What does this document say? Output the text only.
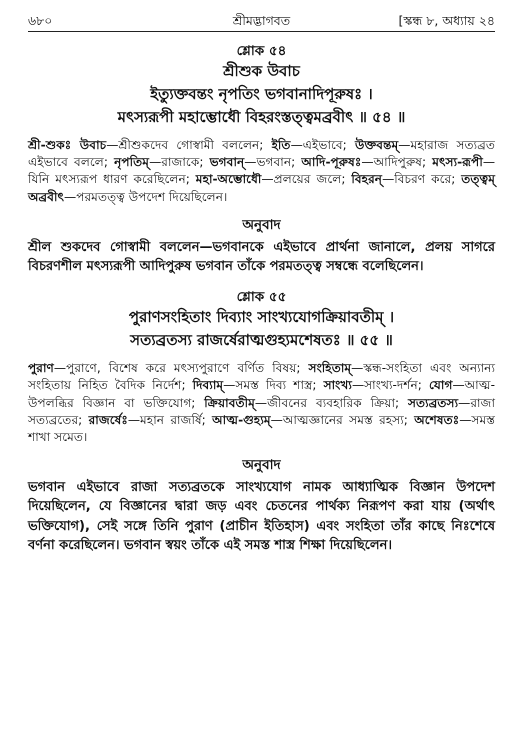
৬৮০	শ্রীমদ্ভাগবত	[স্কন্ধ ৮, অধ্যায় ২৪
শ্লোক ৫৪
শ্রীশুক উবাচ
ইত্যুক্তবন্তং নৃপতিং ভগবানাদিপূরুষঃ ।
মৎস্যরূপী মহাম্ভোধৌ বিহরংস্তত্ত্বমব্রবীৎ ॥ ৫৪ ॥
শ্রী-শুকঃ উবাচ—শ্রীশুকদেব গোস্বামী বললেন; ইতি—এইভাবে; উক্তবন্তম্—মহারাজ সত্যব্রত এইভাবে বললে; নৃপতিম্—রাজাকে; ভগবান্—ভগবান; আদি-পূরুষঃ—আদিপুরুষ; মৎস্য-রূপী—যিনি মৎস্যরূপ ধারণ করেছিলেন; মহা-অম্ভোধৌ—প্রলয়ের জলে; বিহরন্—বিচরণ করে; তত্ত্বম্ অব্রবীৎ—পরমতত্ত্ব উপদেশ দিয়েছিলেন।
অনুবাদ
শ্রীল শুকদেব গোস্বামী বললেন—ভগবানকে এইভাবে প্রার্থনা জানালে, প্রলয় সাগরে বিচরণশীল মৎস্যরূপী আদিপুরুষ ভগবান তাঁকে পরমতত্ত্ব সম্বন্ধে বলেছিলেন।
শ্লোক ৫৫
পুরাণসংহিতাং দিব্যাং সাংখ্যযোগক্রিয়াবতীম্ ।
সত্যব্রতস্য রাজর্ষেরাত্মগুহ্যমশেষতঃ ॥ ৫৫ ॥
পুরাণ—পুরাণে, বিশেষ করে মৎস্যপুরাণে বর্ণিত বিষয়; সংহিতাম্—স্কন্ধ-সংহিতা এবং অন্যান্য সংহিতায় নিহিত বৈদিক নির্দেশ; দিব্যাম্—সমস্ত দিব্য শাস্ত্র; সাংখ্য—সাংখ্য-দর্শন; যোগ—আত্ম-উপলব্ধির বিজ্ঞান বা ভক্তিযোগ; ক্রিয়াবতীম্—জীবনের ব্যবহারিক ক্রিয়া; সত্যব্রতস্য—রাজা সত্যব্রতের; রাজর্ষেঃ—মহান রাজর্ষি; আত্ম-গুহ্যম্—আত্মজ্ঞানের সমস্ত রহস্য; অশেষতঃ—সমস্ত শাখা সমেত।
অনুবাদ
ভগবান এইভাবে রাজা সত্যব্রতকে সাংখ্যযোগ নামক আধ্যাত্মিক বিজ্ঞান উপদেশ দিয়েছিলেন, যে বিজ্ঞানের দ্বারা জড় এবং চেতনের পার্থক্য নিরূপণ করা যায় (অর্থাৎ ভক্তিযোগ), সেই সঙ্গে তিনি পুরাণ (প্রাচীন ইতিহাস) এবং সংহিতা তাঁর কাছে নিঃশেষে বর্ণনা করেছিলেন। ভগবান স্বয়ং তাঁকে এই সমস্ত শাস্ত্র শিক্ষা দিয়েছিলেন।
